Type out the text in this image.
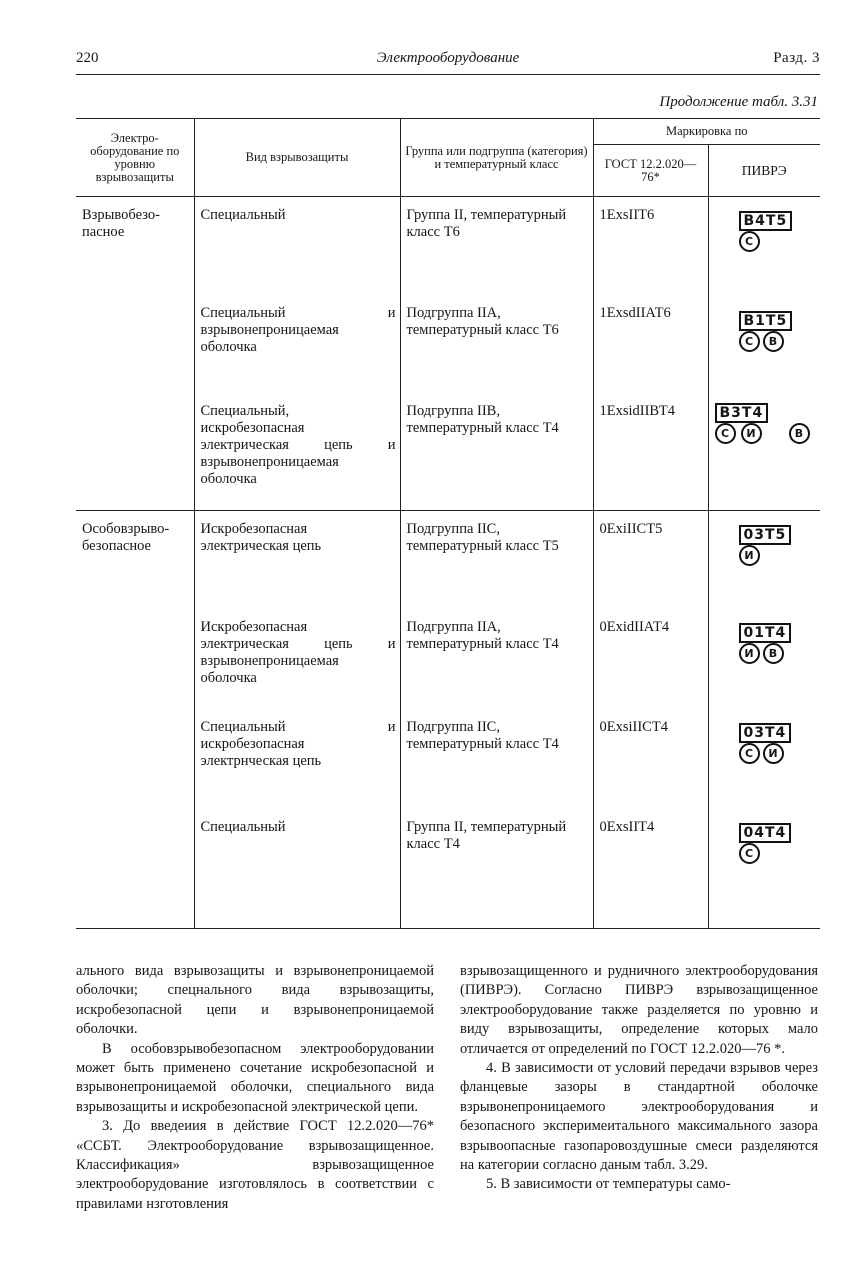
220	Электрооборудование	Разд. 3
Продолжение табл. 3.31
Электро-оборудование по уровню взрывозащиты	Вид взрывозащиты	Группа или подгруппа (категория) и температурный класс	Маркировка по	
			ГОСТ 12.2.020—76*	ПИВРЭ
Взрывобезо-пасное	Специальный	Группа II, температурный класс Т6	1ExsIIТ6	В4Т5
С

	Специальный и взрывонепроницаемая оболочка	Подгруппа IIА, температурный класс Т6	1ExsdIIАТ6	В1Т5
С В

	Специальный, искробезопасная электрическая цепь и взрывонепроницаемая оболочка	Подгруппа IIВ, температурный класс Т4	1ExsidIIВТ4	В3Т4
С И В

Особовзрыво-безопасное	Искробезопасная электрическая цепь	Подгруппа IIС, температурный класс Т5	0ExiIIСТ5	03Т5
И

	Искробезопасная электрическая цепь и взрывонепроницаемая оболочка	Подгруппа IIА, температурный класс Т4	0ExidIIАТ4	01Т4
И В

	Специальный и искробезопасная электрнческая цепь	Подгруппа IIС, температурный класс Т4	0ExsiIIСТ4	03Т4
С И

	Специальный	Группа II, температурный класс Т4	0ExsIIТ4	04Т4
С

ального вида взрывозащиты и взрывонепроницаемой оболочки; спецнального вида взрывозащиты, искробезопасной цепи и взрывонепроницаемой оболочки.

В особовзрывобезопасном электрооборудовании может быть применено сочетание искробезопасной и взрывонепроницаемой оболочки, специального вида взрывозащиты и искробезопасной электрической цепи.

3. До введеиия в действие ГОСТ 12.2.020—76* «ССБТ. Электрооборудование взрывозащищенное. Классификация» взрывозащищенное электрооборудование изготовлялось в соответствии с правилами нзготовления

взрывозащищенного и рудничного электрооборудования (ПИВРЭ). Согласно ПИВРЭ взрывозащищенное электрооборудование также разделяется по уровню и виду взрывозащиты, определение которых мало отличается от определений по ГОСТ 12.2.020—76 *.

4. В зависимости от условий передачи взрывов через фланцевые зазоры в стандартной оболочке взрывонепроницаемого электрооборудования и безопасного эксперимеитального максимального зазора взрывоопасные газопаровоздушные смеси разделяются на категории согласно даным табл. 3.29.

5. В зависимости от температуры само-
